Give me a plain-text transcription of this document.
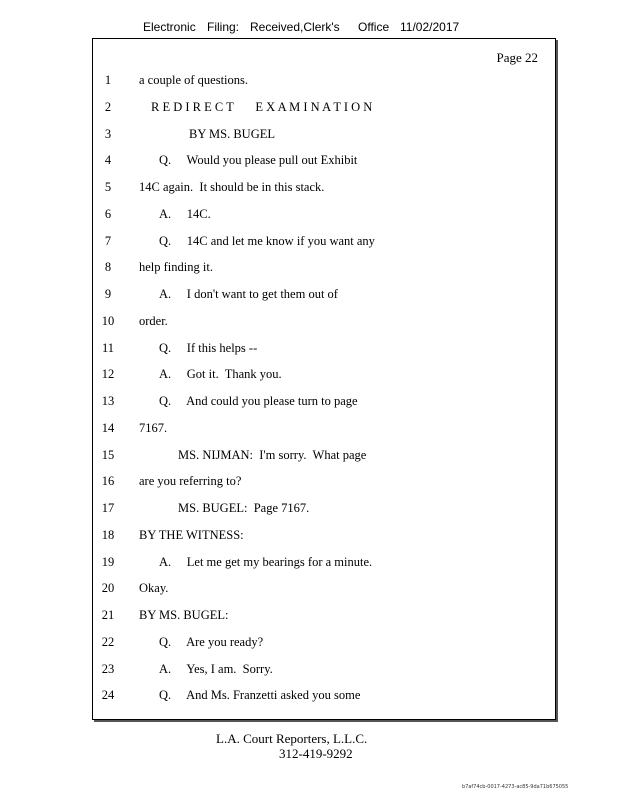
Electronic Filing: Received,Clerk's Office 11/02/2017
Page 22
1	a couple of questions.
2	R E D I R E C T       E X A M I N A T I O N
3	BY MS. BUGEL
4	Q.     Would you please pull out Exhibit
5	14C again.  It should be in this stack.
6	A.     14C.
7	Q.     14C and let me know if you want any
8	help finding it.
9	A.     I don't want to get them out of
10	order.
11	Q.     If this helps --
12	A.     Got it.  Thank you.
13	Q.     And could you please turn to page
14	7167.
15	MS. NIJMAN:  I'm sorry.  What page
16	are you referring to?
17	MS. BUGEL:  Page 7167.
18	BY THE WITNESS:
19	A.     Let me get my bearings for a minute.
20	Okay.
21	BY MS. BUGEL:
22	Q.     Are you ready?
23	A.     Yes, I am.  Sorry.
24	Q.     And Ms. Franzetti asked you some
L.A. Court Reporters, L.L.C.
312-419-9292
b7af74cb-0017-4273-ac85-9da71b675055
